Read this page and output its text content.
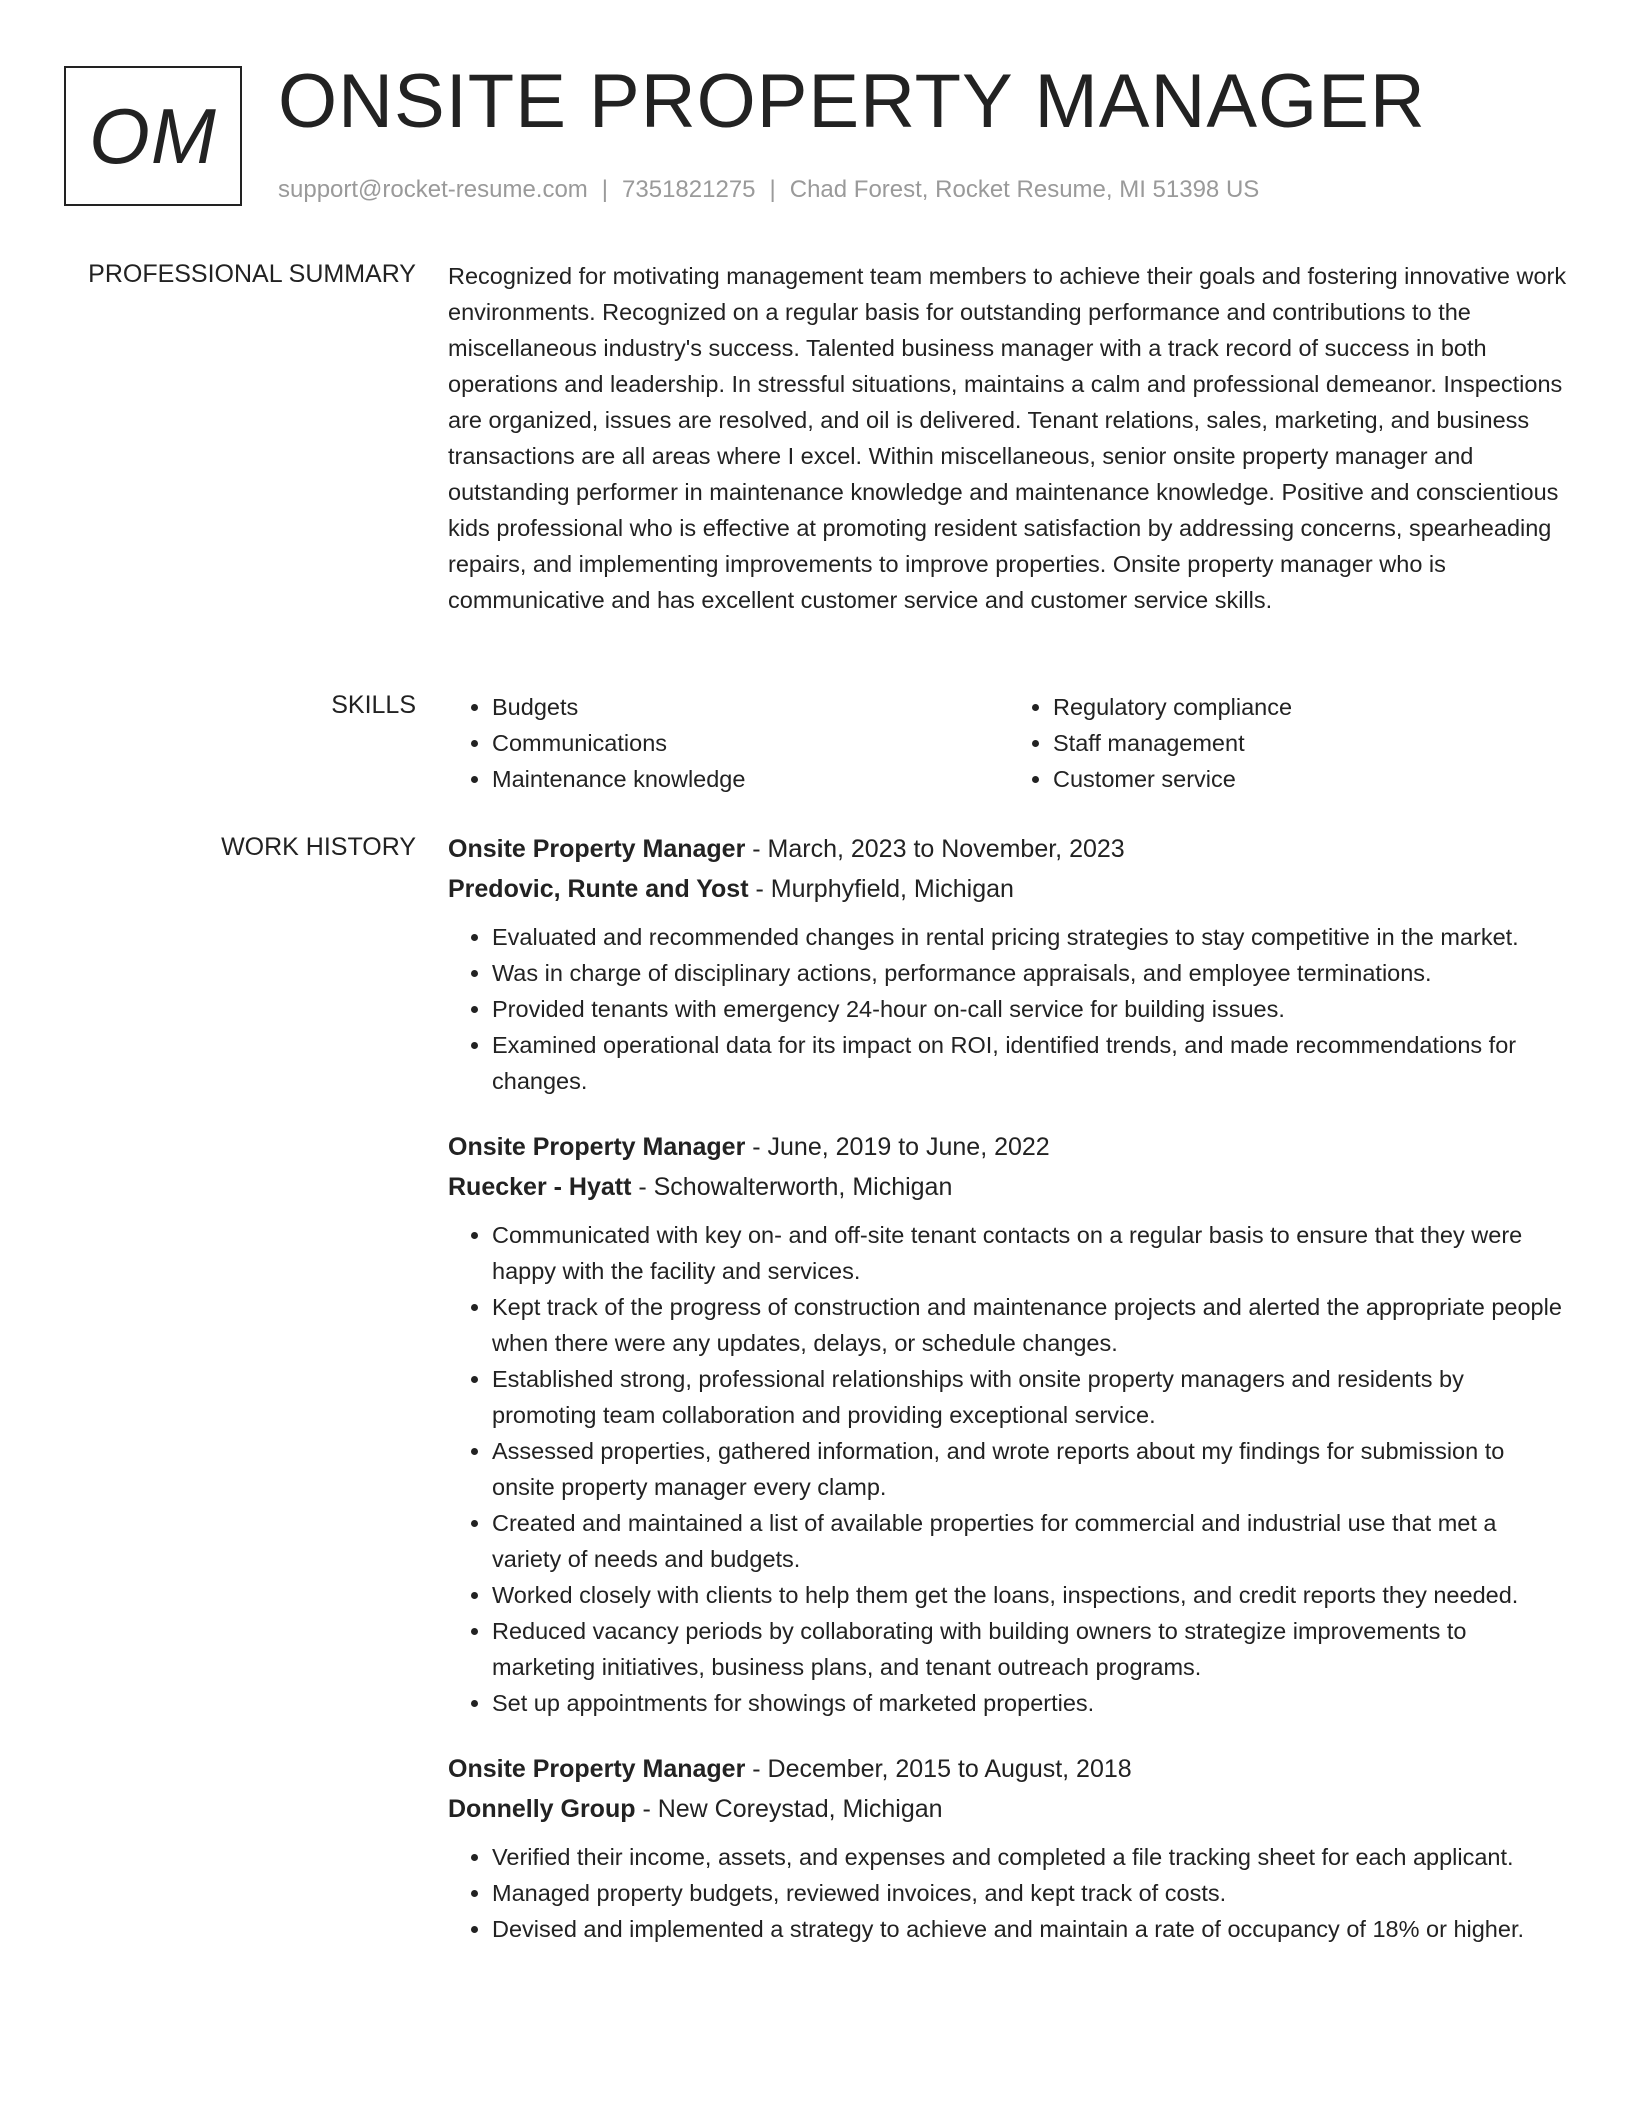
OM ONSITE PROPERTY MANAGER
support@rocket-resume.com | 7351821275 | Chad Forest, Rocket Resume, MI 51398 US
PROFESSIONAL SUMMARY Recognized for motivating management team members to achieve their goals and fostering innovative work environments. Recognized on a regular basis for outstanding performance and contributions to the miscellaneous industry's success. Talented business manager with a track record of success in both operations and leadership. In stressful situations, maintains a calm and professional demeanor. Inspections are organized, issues are resolved, and oil is delivered. Tenant relations, sales, marketing, and business transactions are all areas where I excel. Within miscellaneous, senior onsite property manager and outstanding performer in maintenance knowledge and maintenance knowledge. Positive and conscientious kids professional who is effective at promoting resident satisfaction by addressing concerns, spearheading repairs, and implementing improvements to improve properties. Onsite property manager who is communicative and has excellent customer service and customer service skills.

SKILLS
•	Budgets
• Communications
• Maintenance knowledge
• Regulatory compliance
• Staff management
• Customer service
WORK HISTORY Onsite Property Manager - March, 2023 to November, 2023
Predovic, Runte and Yost - Murphyfield, Michigan
• Evaluated and recommended changes in rental pricing strategies to stay competitive in the market.
• Was in charge of disciplinary actions, performance appraisals, and employee terminations.
• Provided tenants with emergency 24-hour on-call service for building issues.
• Examined operational data for its impact on ROI, identified trends, and made recommendations for changes.
Onsite Property Manager - June, 2019 to June, 2022
Ruecker - Hyatt - Schowalterworth, Michigan
• Communicated with key on- and off-site tenant contacts on a regular basis to ensure that they were happy with the facility and services.
• Kept track of the progress of construction and maintenance projects and alerted the appropriate people when there were any updates, delays, or schedule changes.
• Established strong, professional relationships with onsite property managers and residents by promoting team collaboration and providing exceptional service.
• Assessed properties, gathered information, and wrote reports about my findings for submission to onsite property manager every clamp.
• Created and maintained a list of available properties for commercial and industrial use that met a variety of needs and budgets.
• Worked closely with clients to help them get the loans, inspections, and credit reports they needed.
• Reduced vacancy periods by collaborating with building owners to strategize improvements to marketing initiatives, business plans, and tenant outreach programs.
• Set up appointments for showings of marketed properties.
Onsite Property Manager - December, 2015 to August, 2018
Donnelly Group - New Coreystad, Michigan
• Verified their income, assets, and expenses and completed a file tracking sheet for each applicant.
• Managed property budgets, reviewed invoices, and kept track of costs.
• Devised and implemented a strategy to achieve and maintain a rate of occupancy of 18% or higher.
